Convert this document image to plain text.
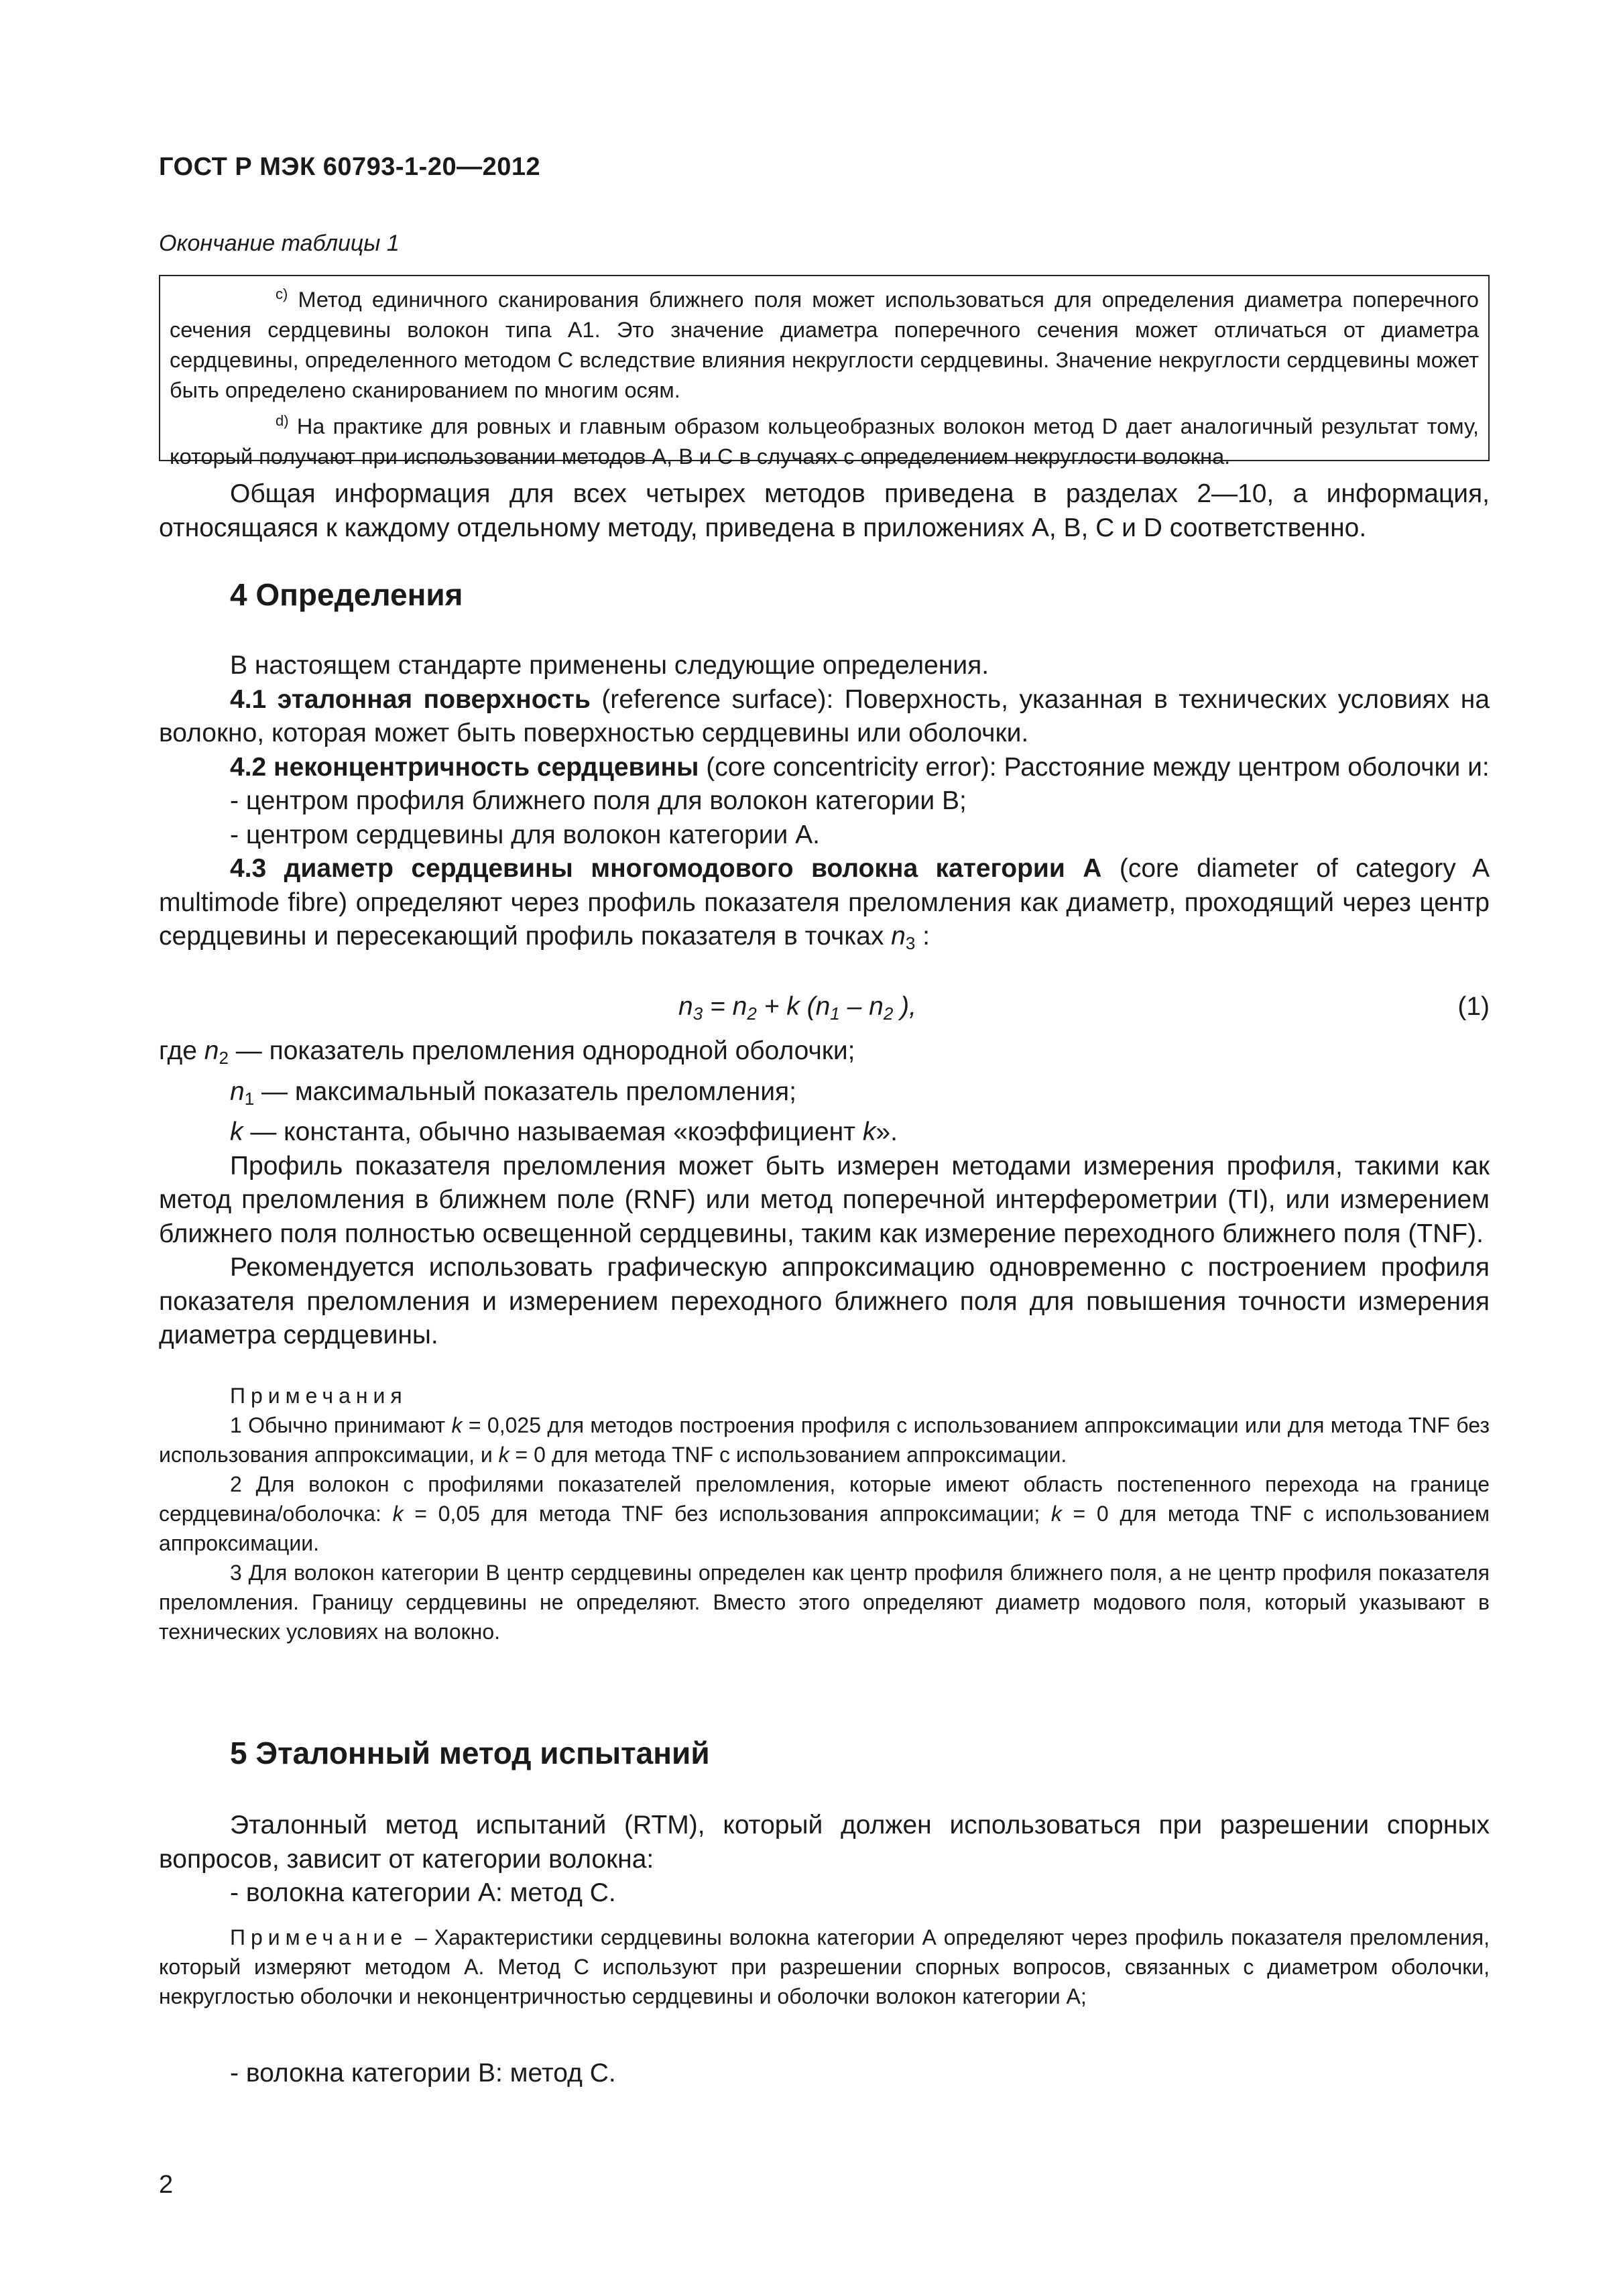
ГОСТ Р МЭК 60793-1-20—2012
Окончание таблицы 1

$^{c)}$ Метод единичного сканирования ближнего поля может использоваться для определения диаметра поперечного сечения сердцевины волокон типа А1. Это значение диаметра поперечного сечения может отличаться от диаметра сердцевины, определенного методом С вследствие влияния некруглости сердцевины. Значение некруглости сердцевины может быть определено сканированием по многим осям.

$^{d)}$ На практике для ровных и главным образом кольцеобразных волокон метод D дает аналогичный результат тому, который получают при использовании методов А, В и С в случаях с определением некруглости волокна.

Общая информация для всех четырех методов приведена в разделах 2—10, а информация, относящаяся к каждому отдельному методу, приведена в приложениях А, В, С и D соответственно.

4 Определения

В настоящем стандарте применены следующие определения.

4.1 эталонная поверхность (reference surface): Поверхность, указанная в технических условиях на волокно, которая может быть поверхностью сердцевины или оболочки.

4.2 неконцентричность сердцевины (core concentricity error): Расстояние между центром оболочки и:

- центром профиля ближнего поля для волокон категории В;

- центром сердцевины для волокон категории А.

4.3 диаметр сердцевины многомодового волокна категории А (core diameter of category A multimode fibre) определяют через профиль показателя преломления как диаметр, проходящий через центр сердцевины и пересекающий профиль показателя в точках $n_3$ :

$n_3 = n_2 + k$ ($n_1 - n_2$ ),	(1)

где $n_2$ — показатель преломления однородной оболочки;

$n_1$ — максимальный показатель преломления;

k — константа, обычно называемая «коэффициент k».

Профиль показателя преломления может быть измерен методами измерения профиля, такими как метод преломления в ближнем поле (RNF) или метод поперечной интерферометрии (TI), или измерением ближнего поля полностью освещенной сердцевины, таким как измерение переходного ближнего поля (TNF).

Рекомендуется использовать графическую аппроксимацию одновременно с построением профиля показателя преломления и измерением переходного ближнего поля для повышения точности измерения диаметра сердцевины.

Примечания

1 Обычно принимают k = 0,025 для методов построения профиля с использованием аппроксимации или для метода TNF без использования аппроксимации, и k = 0 для метода TNF с использованием аппроксимации.

2 Для волокон с профилями показателей преломления, которые имеют область постепенного перехода на границе сердцевина/оболочка: k = 0,05 для метода TNF без использования аппроксимации; k = 0 для метода TNF с использованием аппроксимации.

3 Для волокон категории В центр сердцевины определен как центр профиля ближнего поля, а не центр профиля показателя преломления. Границу сердцевины не определяют. Вместо этого определяют диаметр модового поля, который указывают в технических условиях на волокно.

5 Эталонный метод испытаний

Эталонный метод испытаний (RTM), который должен использоваться при разрешении спорных вопросов, зависит от категории волокна:

- волокна категории А: метод С.

Примечание – Характеристики сердцевины волокна категории А определяют через профиль показателя преломления, который измеряют методом А. Метод С используют при разрешении спорных вопросов, связанных с диаметром оболочки, некруглостью оболочки и неконцентричностью сердцевины и оболочки волокон категории А;

- волокна категории В: метод С.

2
